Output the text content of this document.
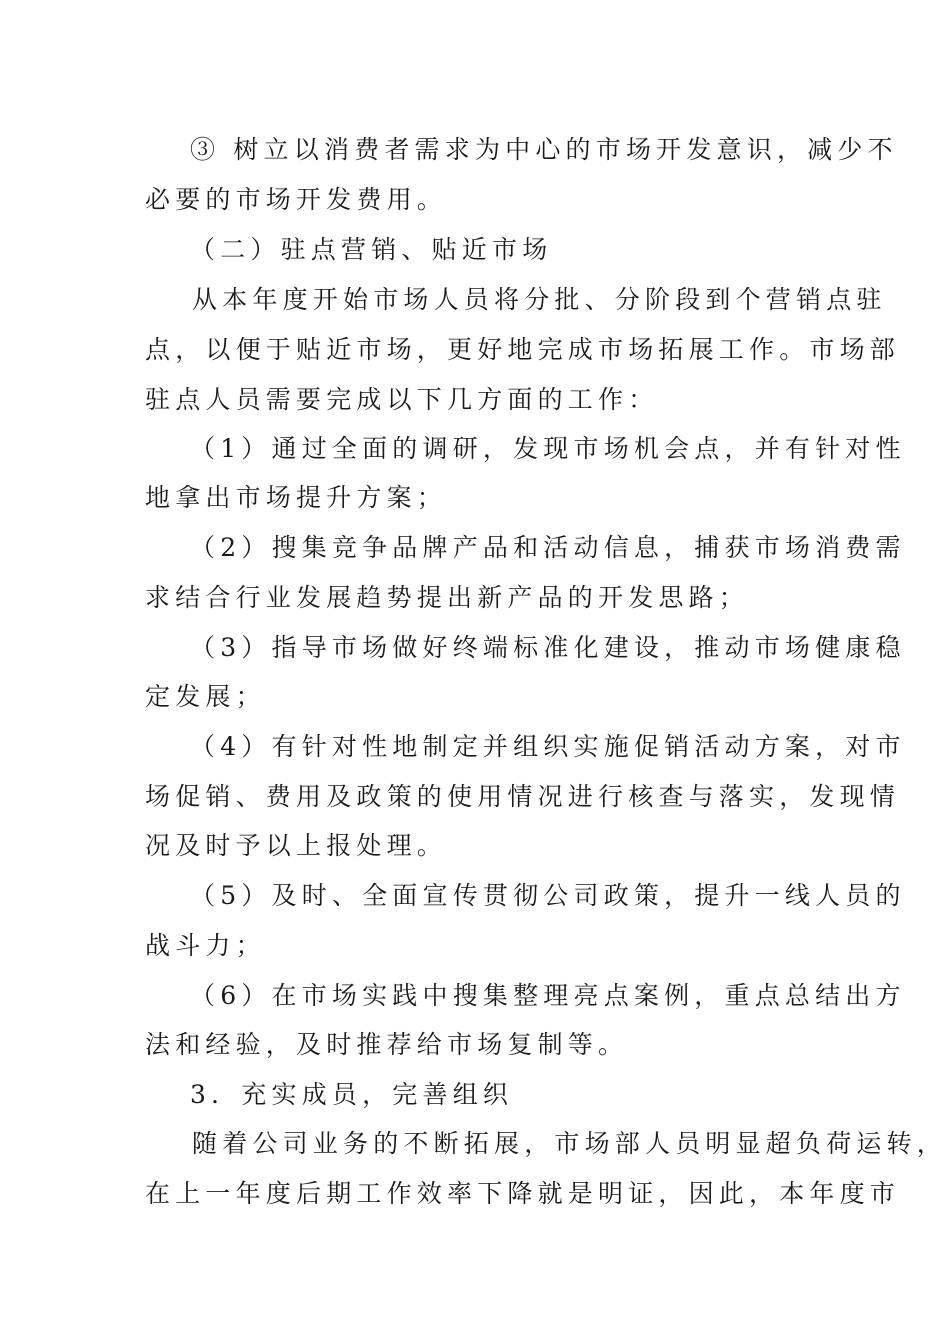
③ 树立以消费者需求为中心的市场开发意识，减少不
必要的市场开发费用。
（二）驻点营销、贴近市场
从本年度开始市场人员将分批、分阶段到个营销点驻
点，以便于贴近市场，更好地完成市场拓展工作。市场部
驻点人员需要完成以下几方面的工作：
（1）通过全面的调研，发现市场机会点，并有针对性
地拿出市场提升方案；
（2）搜集竞争品牌产品和活动信息，捕获市场消费需
求结合行业发展趋势提出新产品的开发思路；
（3）指导市场做好终端标准化建设，推动市场健康稳
定发展；
（4）有针对性地制定并组织实施促销活动方案，对市
场促销、费用及政策的使用情况进行核查与落实，发现情
况及时予以上报处理。
（5）及时、全面宣传贯彻公司政策，提升一线人员的
战斗力；
（6）在市场实践中搜集整理亮点案例，重点总结出方
法和经验，及时推荐给市场复制等。
3．充实成员，完善组织
随着公司业务的不断拓展，市场部人员明显超负荷运转，
在上一年度后期工作效率下降就是明证，因此，本年度市
